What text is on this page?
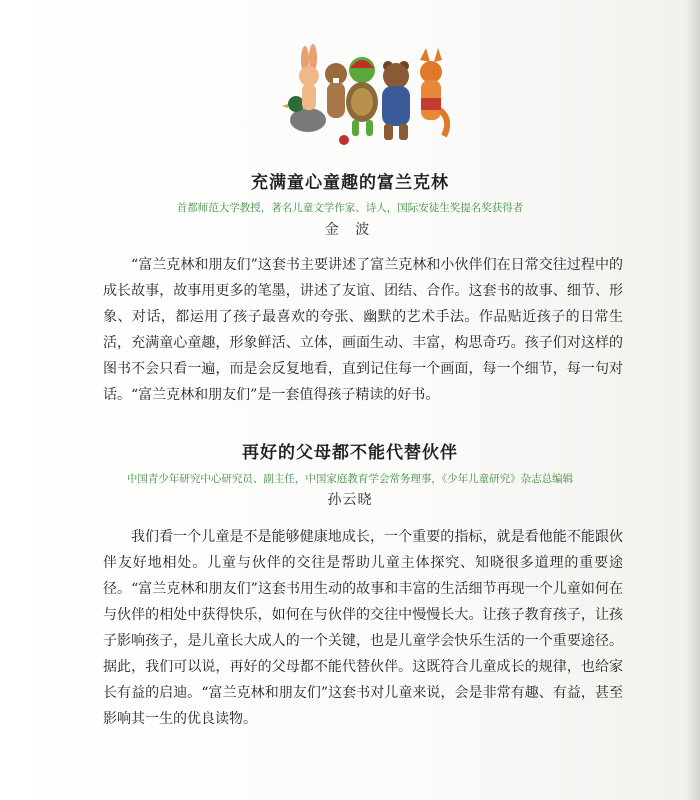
充满童心童趣的富兰克林
首都师范大学教授，著名儿童文学作家、诗人，国际安徒生奖提名奖获得者
金 波

“富兰克林和朋友们”这套书主要讲述了富兰克林和小伙伴们在日常交往过程中的成长故事，故事用更多的笔墨，讲述了友谊、团结、合作。这套书的故事、细节、形象、对话，都运用了孩子最喜欢的夸张、幽默的艺术手法。作品贴近孩子的日常生活，充满童心童趣，形象鲜活、立体，画面生动、丰富，构思奇巧。孩子们对这样的图书不会只看一遍，而是会反复地看，直到记住每一个画面，每一个细节，每一句对话。“富兰克林和朋友们”是一套值得孩子精读的好书。

再好的父母都不能代替伙伴
中国青少年研究中心研究员、副主任，中国家庭教育学会常务理事，《少年儿童研究》杂志总编辑
孙云晓

我们看一个儿童是不是能够健康地成长，一个重要的指标，就是看他能不能跟伙伴友好地相处。儿童与伙伴的交往是帮助儿童主体探究、知晓很多道理的重要途径。“富兰克林和朋友们”这套书用生动的故事和丰富的生活细节再现一个儿童如何在与伙伴的相处中获得快乐，如何在与伙伴的交往中慢慢长大。让孩子教育孩子，让孩子影响孩子，是儿童长大成人的一个关键，也是儿童学会快乐生活的一个重要途径。据此，我们可以说，再好的父母都不能代替伙伴。这既符合儿童成长的规律，也给家长有益的启迪。“富兰克林和朋友们”这套书对儿童来说，会是非常有趣、有益，甚至影响其一生的优良读物。
